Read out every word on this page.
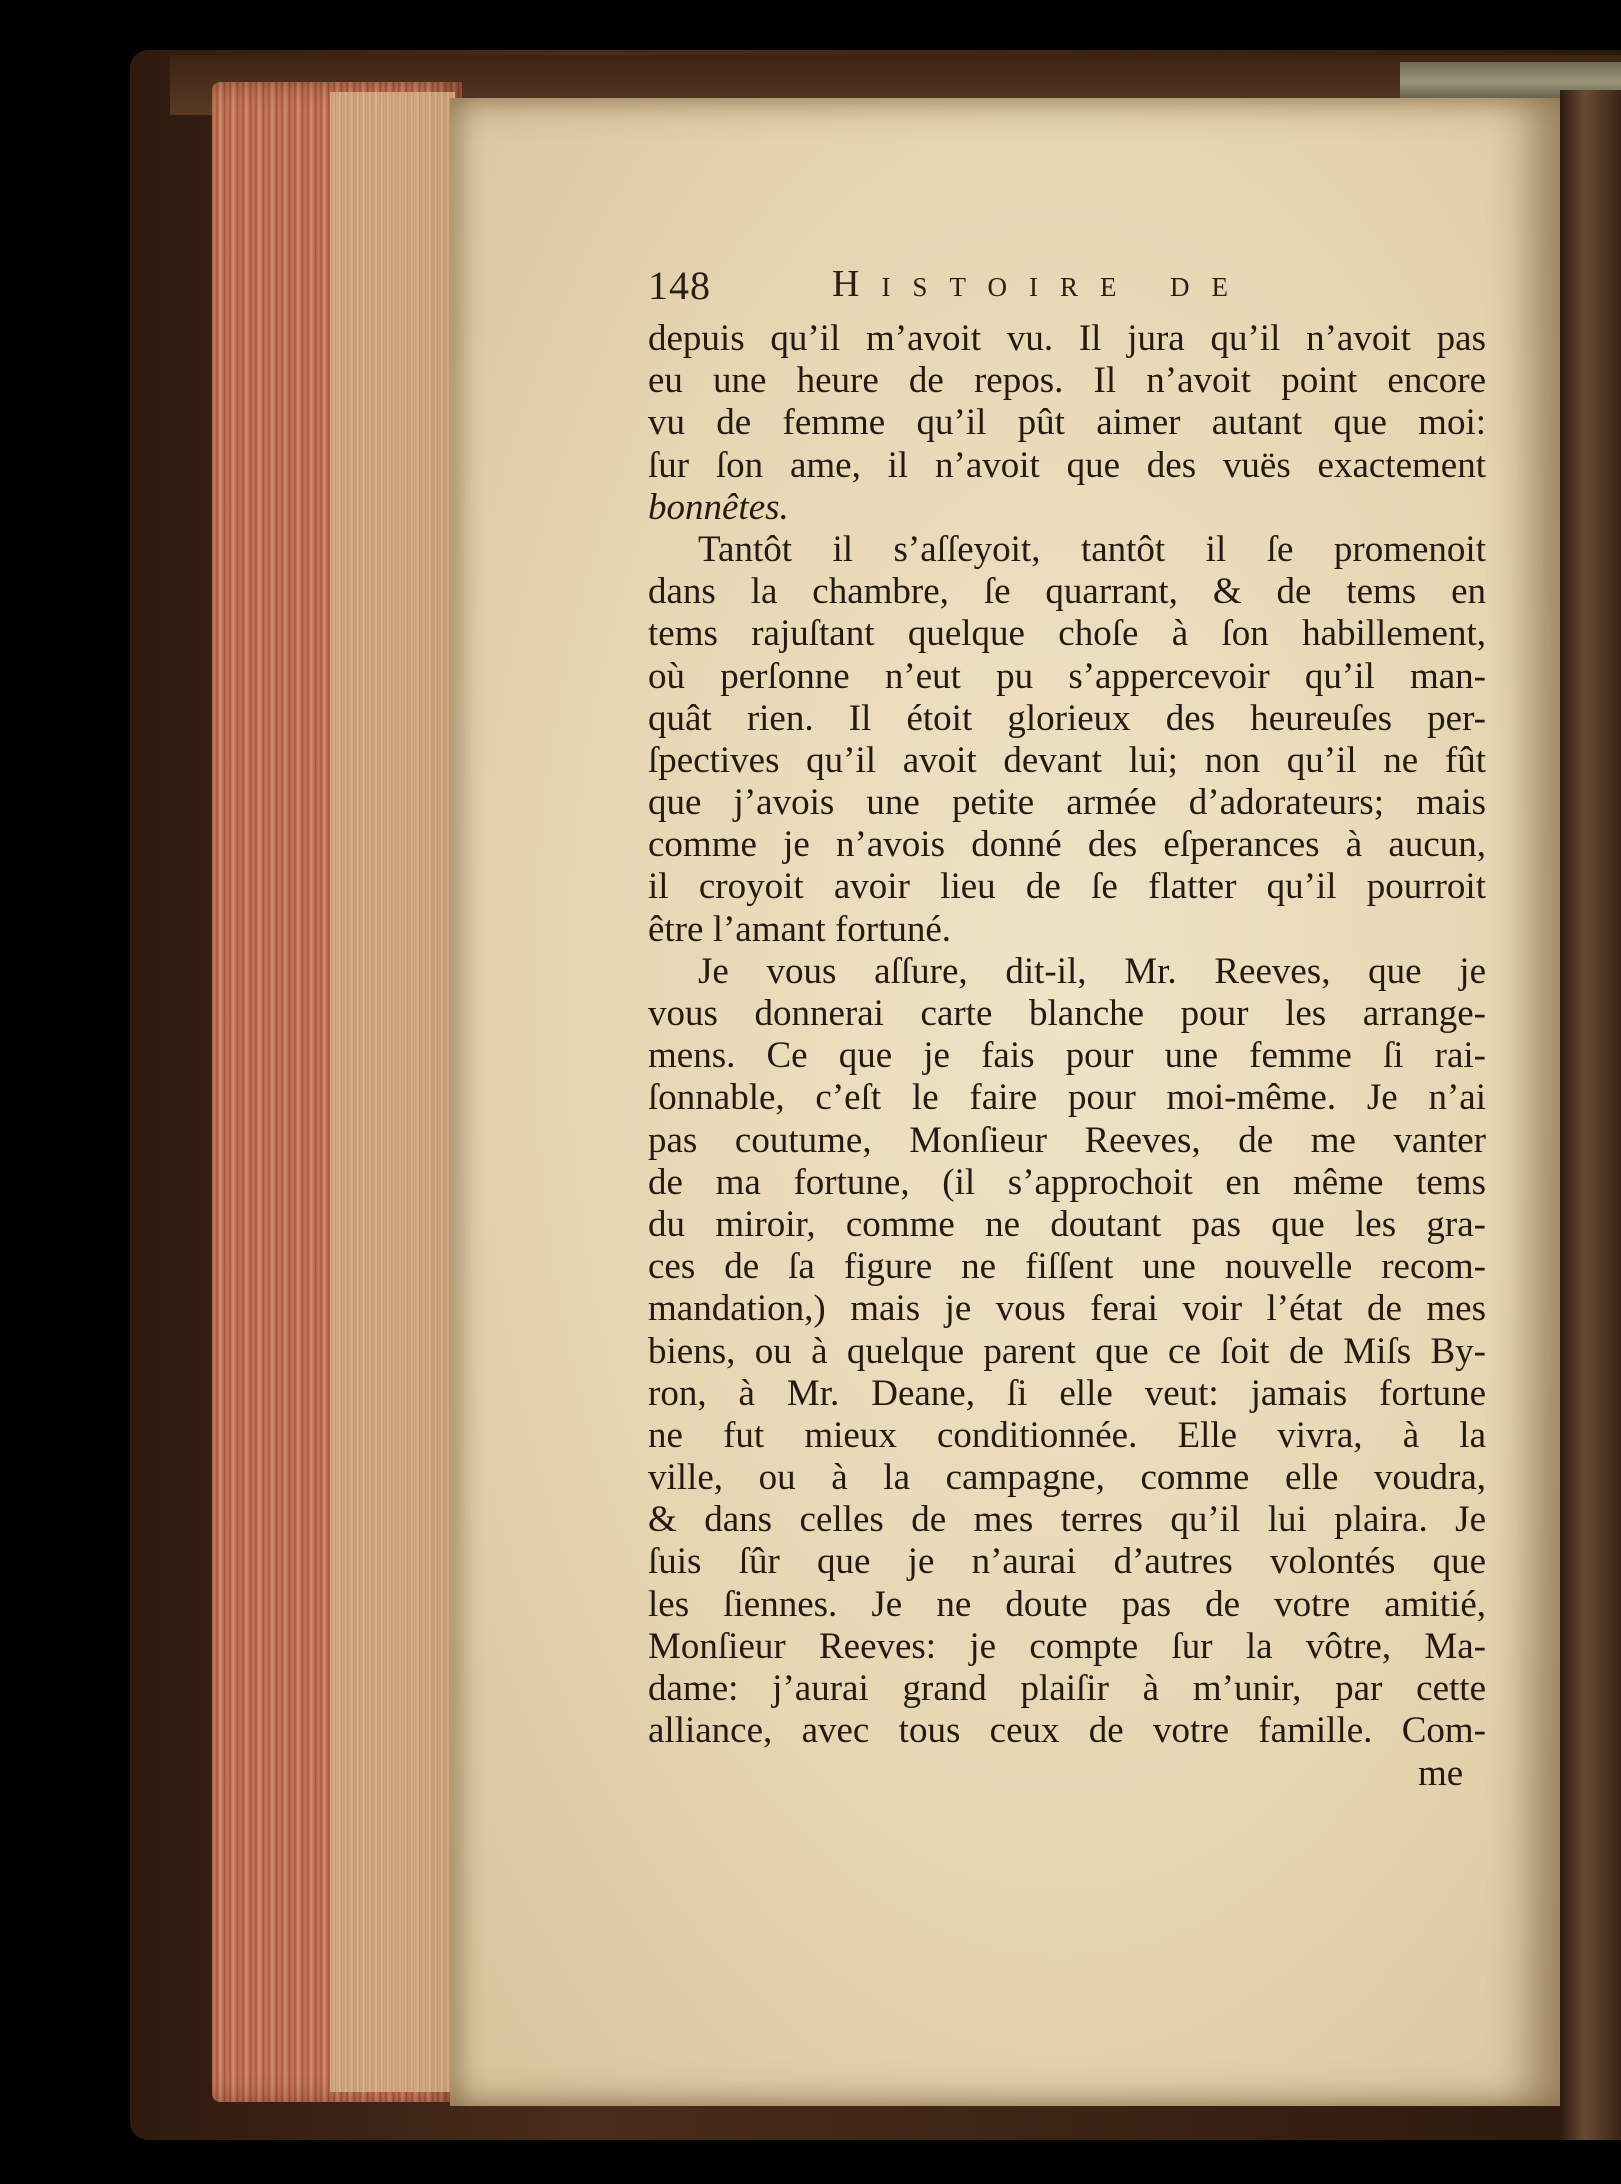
148	Histoire de
depuis qu’il m’avoit vu. Il jura qu’il n’avoit pas
eu une heure de repos. Il n’avoit point encore
vu de femme qu’il pût aimer autant que moi:
ſur ſon ame, il n’avoit que des vuës exactement
bonnêtes.
Tantôt il s’aſſeyoit, tantôt il ſe promenoit
dans la chambre, ſe quarrant, & de tems en
tems rajuſtant quelque choſe à ſon habillement,
où perſonne n’eut pu s’appercevoir qu’il man-
quât rien. Il étoit glorieux des heureuſes per-
ſpectives qu’il avoit devant lui; non qu’il ne fût
que j’avois une petite armée d’adorateurs; mais
comme je n’avois donné des eſperances à aucun,
il croyoit avoir lieu de ſe flatter qu’il pourroit
être l’amant fortuné.
Je vous aſſure, dit-il, Mr. Reeves, que je
vous donnerai carte blanche pour les arrange-
mens. Ce que je fais pour une femme ſi rai-
ſonnable, c’eſt le faire pour moi-même. Je n’ai
pas coutume, Monſieur Reeves, de me vanter
de ma fortune, (il s’approchoit en même tems
du miroir, comme ne doutant pas que les gra-
ces de ſa figure ne fiſſent une nouvelle recom-
mandation,) mais je vous ferai voir l’état de mes
biens, ou à quelque parent que ce ſoit de Miſs By-
ron, à Mr. Deane, ſi elle veut: jamais fortune
ne fut mieux conditionnée. Elle vivra, à la
ville, ou à la campagne, comme elle voudra,
& dans celles de mes terres qu’il lui plaira. Je
ſuis ſûr que je n’aurai d’autres volontés que
les ſiennes. Je ne doute pas de votre amitié,
Monſieur Reeves: je compte ſur la vôtre, Ma-
dame: j’aurai grand plaiſir à m’unir, par cette
alliance, avec tous ceux de votre famille. Com-
me
